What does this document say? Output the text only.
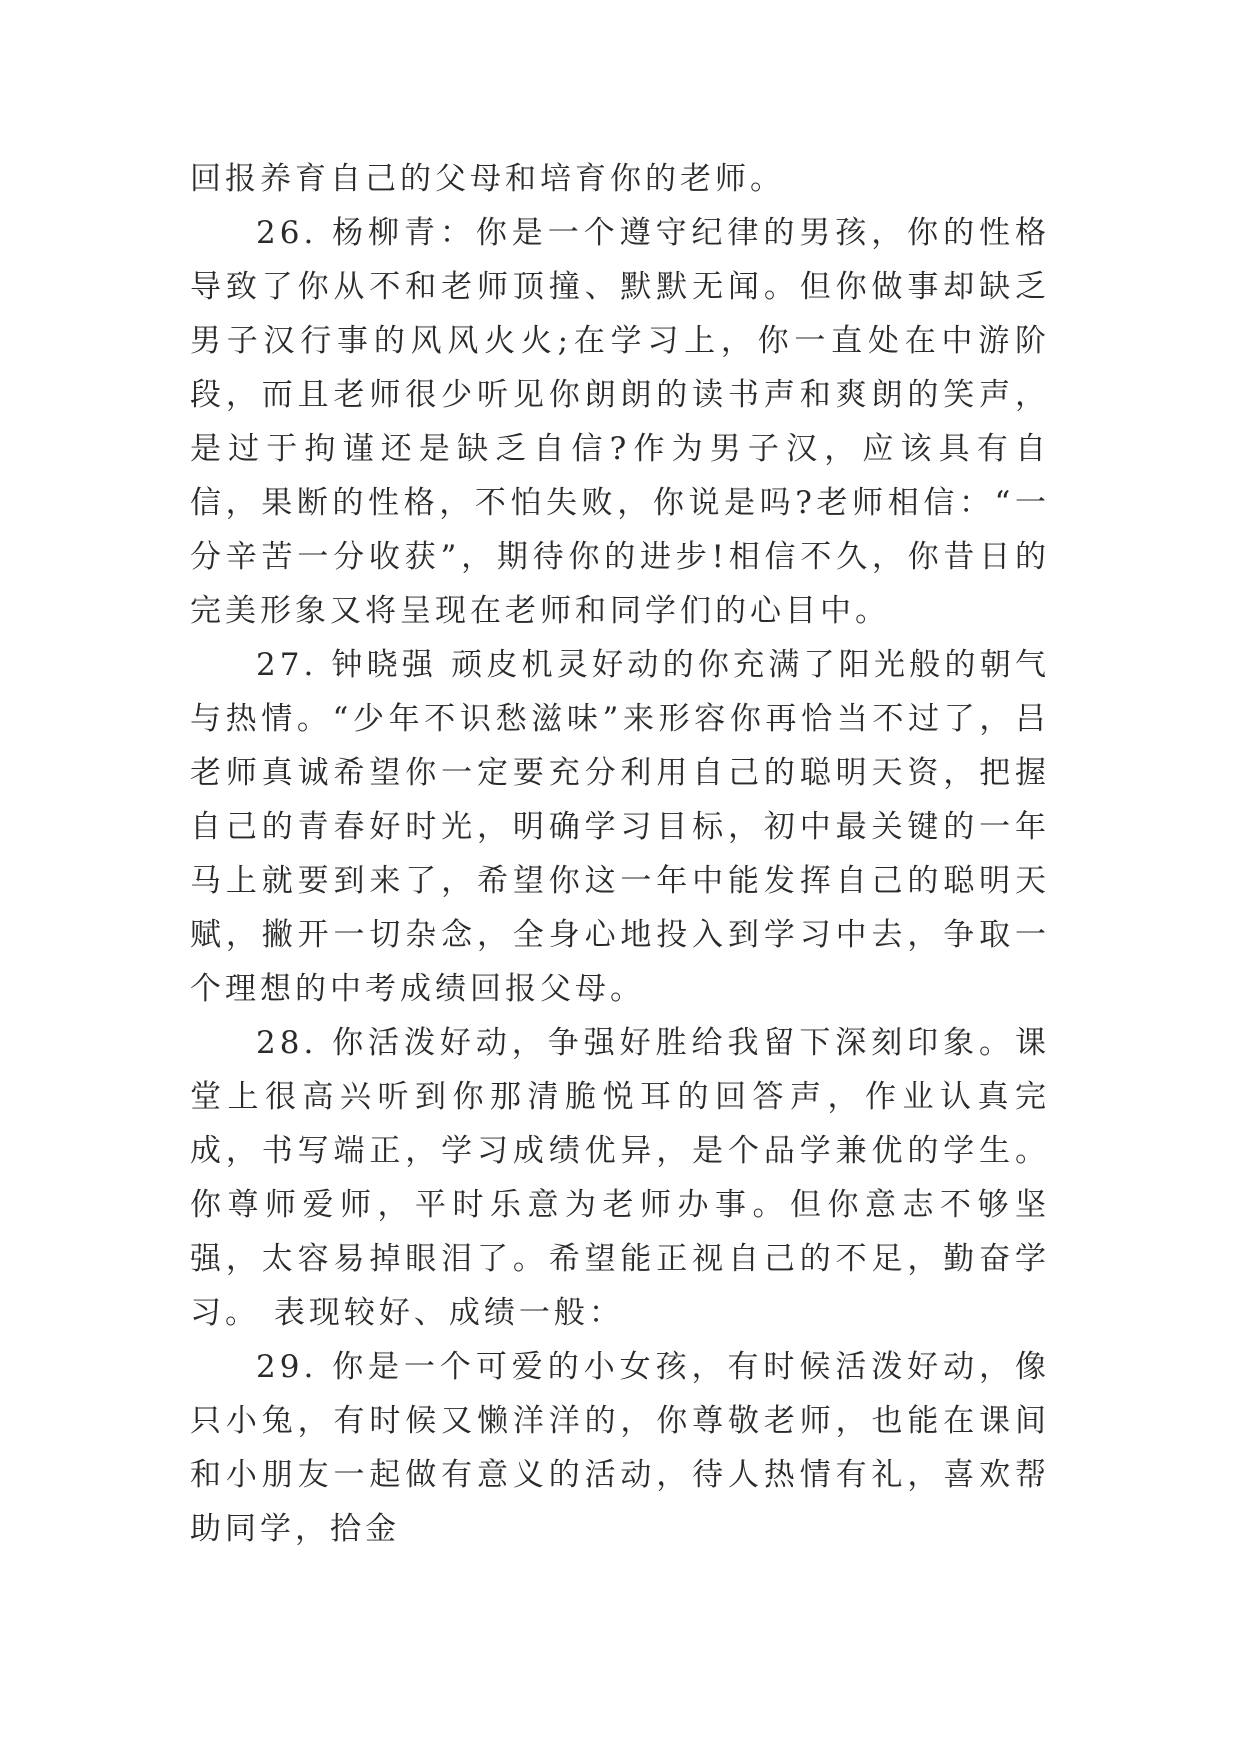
回报养育自己的父母和培育你的老师。

26. 杨柳青：你是一个遵守纪律的男孩，你的性格导致了你从不和老师顶撞、默默无闻。但你做事却缺乏男子汉行事的风风火火;在学习上，你一直处在中游阶段，而且老师很少听见你朗朗的读书声和爽朗的笑声，是过于拘谨还是缺乏自信?作为男子汉，应该具有自信，果断的性格，不怕失败，你说是吗?老师相信：“一分辛苦一分收获”，期待你的进步!相信不久，你昔日的完美形象又将呈现在老师和同学们的心目中。

27. 钟晓强 顽皮机灵好动的你充满了阳光般的朝气与热情。“少年不识愁滋味”来形容你再恰当不过了，吕老师真诚希望你一定要充分利用自己的聪明天资，把握自己的青春好时光，明确学习目标，初中最关键的一年马上就要到来了，希望你这一年中能发挥自己的聪明天赋，撇开一切杂念，全身心地投入到学习中去，争取一个理想的中考成绩回报父母。

28. 你活泼好动，争强好胜给我留下深刻印象。课堂上很高兴听到你那清脆悦耳的回答声，作业认真完成，书写端正，学习成绩优异，是个品学兼优的学生。你尊师爱师，平时乐意为老师办事。但你意志不够坚强，太容易掉眼泪了。希望能正视自己的不足，勤奋学习。 表现较好、成绩一般：

29. 你是一个可爱的小女孩，有时候活泼好动，像只小兔，有时候又懒洋洋的，你尊敬老师，也能在课间和小朋友一起做有意义的活动，待人热情有礼，喜欢帮助同学，拾金
